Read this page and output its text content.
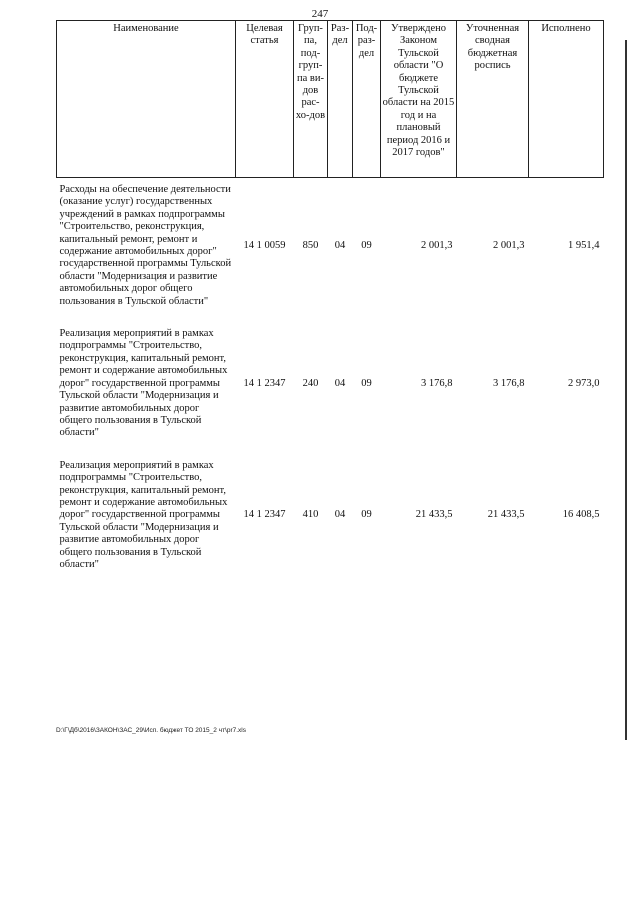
247
Наименование	Целевая статья	Груп-па, под-груп-па ви-дов рас-хо-дов	Раз-дел	Под-раз-дел	Утверждено Законом Тульской области "О бюджете Тульской области на 2015 год и на плановый период 2016 и 2017 годов"	Уточненная сводная бюджетная роспись	Исполнено
Расходы на обеспечение деятельности (оказание услуг) государственных учреждений в рамках подпрограммы "Строительство, реконструкция, капитальный ремонт, ремонт и содержание автомобильных дорог" государственной программы Тульской области "Модернизация и развитие автомобильных дорог общего пользования в Тульской области"	14 1 0059	850	04	09	2 001,3	2 001,3	1 951,4

Реализация мероприятий в рамках подпрограммы "Строительство, реконструкция, капитальный ремонт, ремонт и содержание автомобильных дорог" государственной программы Тульской области "Модернизация и развитие автомобильных дорог общего пользования в Тульской области"	14 1 2347	240	04	09	3 176,8	3 176,8	2 973,0

Реализация мероприятий в рамках подпрограммы "Строительство, реконструкция, капитальный ремонт, ремонт и содержание автомобильных дорог" государственной программы Тульской области "Модернизация и развитие автомобильных дорог общего пользования в Тульской области"	14 1 2347	410	04	09	21 433,5	21 433,5	16 408,5
D:\Г\Дб\2016\ЗАКОН\ЗАС_29\Исп. бюджет ТО 2015_2 чт\pr7.xls
